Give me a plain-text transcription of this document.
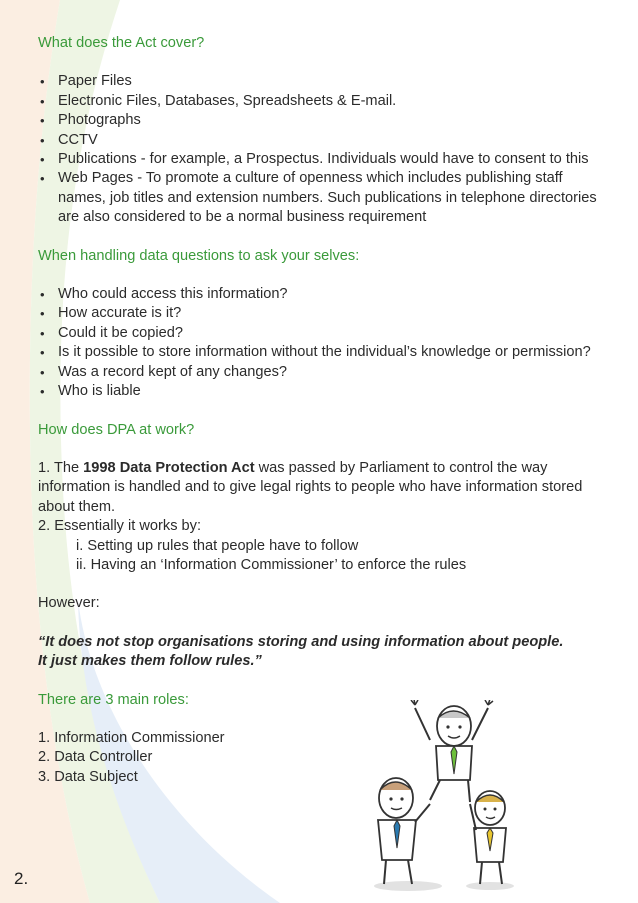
What does the Act cover?

• Paper Files
• Electronic Files, Databases, Spreadsheets & E-mail.
• Photographs
• CCTV
• Publications - for example, a Prospectus. Individuals would have to consent to this
• Web Pages - To promote a culture of openness which includes publishing staff names, job titles and extension numbers. Such publications in telephone directories are also considered to be a normal business requirement

When handling data questions to ask your selves:

• Who could access this information?
• How accurate is it?
• Could it be copied?
• Is it possible to store information without the individual’s knowledge or permission?
• Was a record kept of any changes?
• Who is liable

How does DPA at work?

1. The 1998 Data Protection Act was passed by Parliament to control the way information is handled and to give legal rights to people who have information stored about them.

2. Essentially it works by:

i. Setting up rules that people have to follow

ii. Having an ‘Information Commissioner’ to enforce the rules

However:

“It does not stop organisations storing and using information about people.

It just makes them follow rules.”

There are 3 main roles:

1. Information Commissioner

2. Data Controller

3. Data Subject

2.
